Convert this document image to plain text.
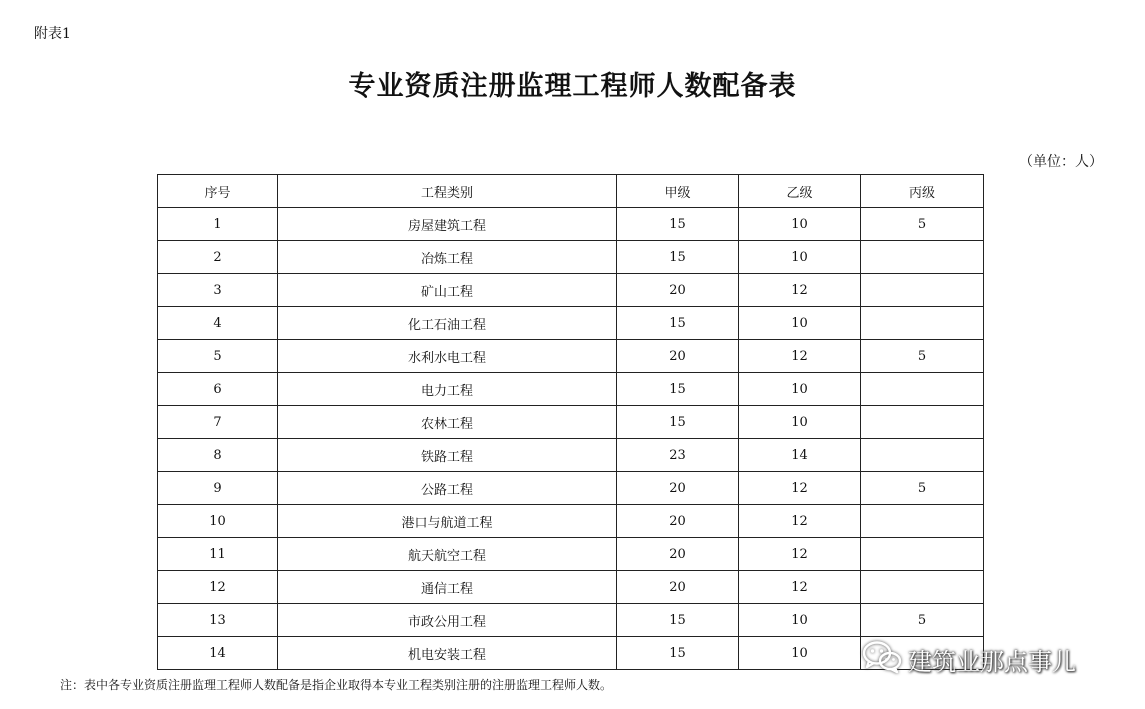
附表1
专业资质注册监理工程师人数配备表
（单位：人）
序号	工程类别	甲级	乙级	丙级
1	房屋建筑工程	15	10	5
2	冶炼工程	15	10	
3	矿山工程	20	12	
4	化工石油工程	15	10	
5	水利水电工程	20	12	5
6	电力工程	15	10	
7	农林工程	15	10	
8	铁路工程	23	14	
9	公路工程	20	12	5
10	港口与航道工程	20	12	
11	航天航空工程	20	12	
12	通信工程	20	12	
13	市政公用工程	15	10	5
14	机电安装工程	15	10	
注：表中各专业资质注册监理工程师人数配备是指企业取得本专业工程类别注册的注册监理工程师人数。
建筑业那点事儿
